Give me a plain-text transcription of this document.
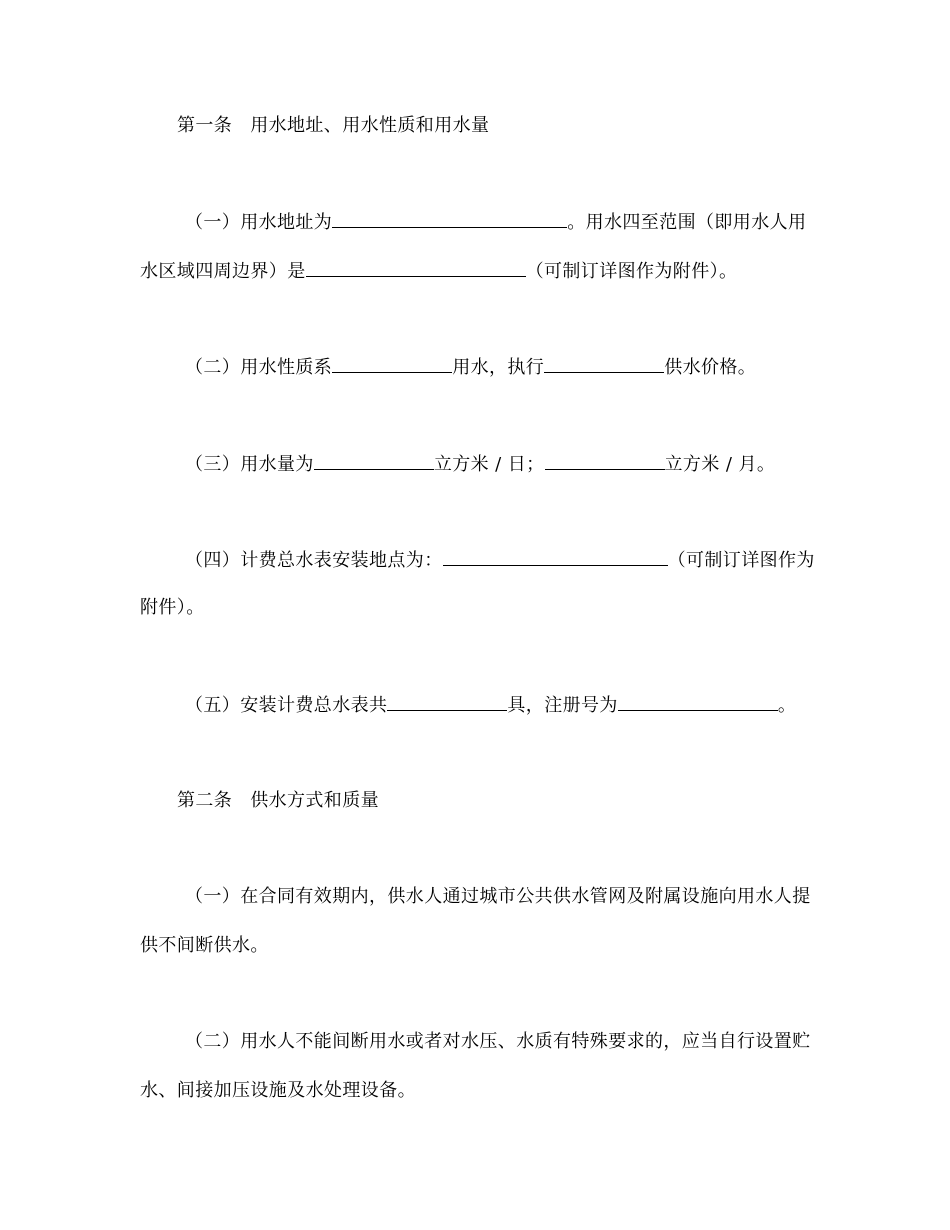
第一条 用水地址、用水性质和用水量
（一）用水地址为	。用水四至范围（即用水人用
水区域四周边界）是	（可制订详图作为附件）。
（二）用水性质系	用水，执行	供水价格。
（三）用水量为	立方米 / 日；	立方米 / 月。
（四）计费总水表安装地点为：	（可制订详图作为
附件）。
（五）安装计费总水表共	具，注册号为	。
第二条 供水方式和质量
（一）在合同有效期内，供水人通过城市公共供水管网及附属设施向用水人提
供不间断供水。
（二）用水人不能间断用水或者对水压、水质有特殊要求的，应当自行设置贮
水、间接加压设施及水处理设备。
